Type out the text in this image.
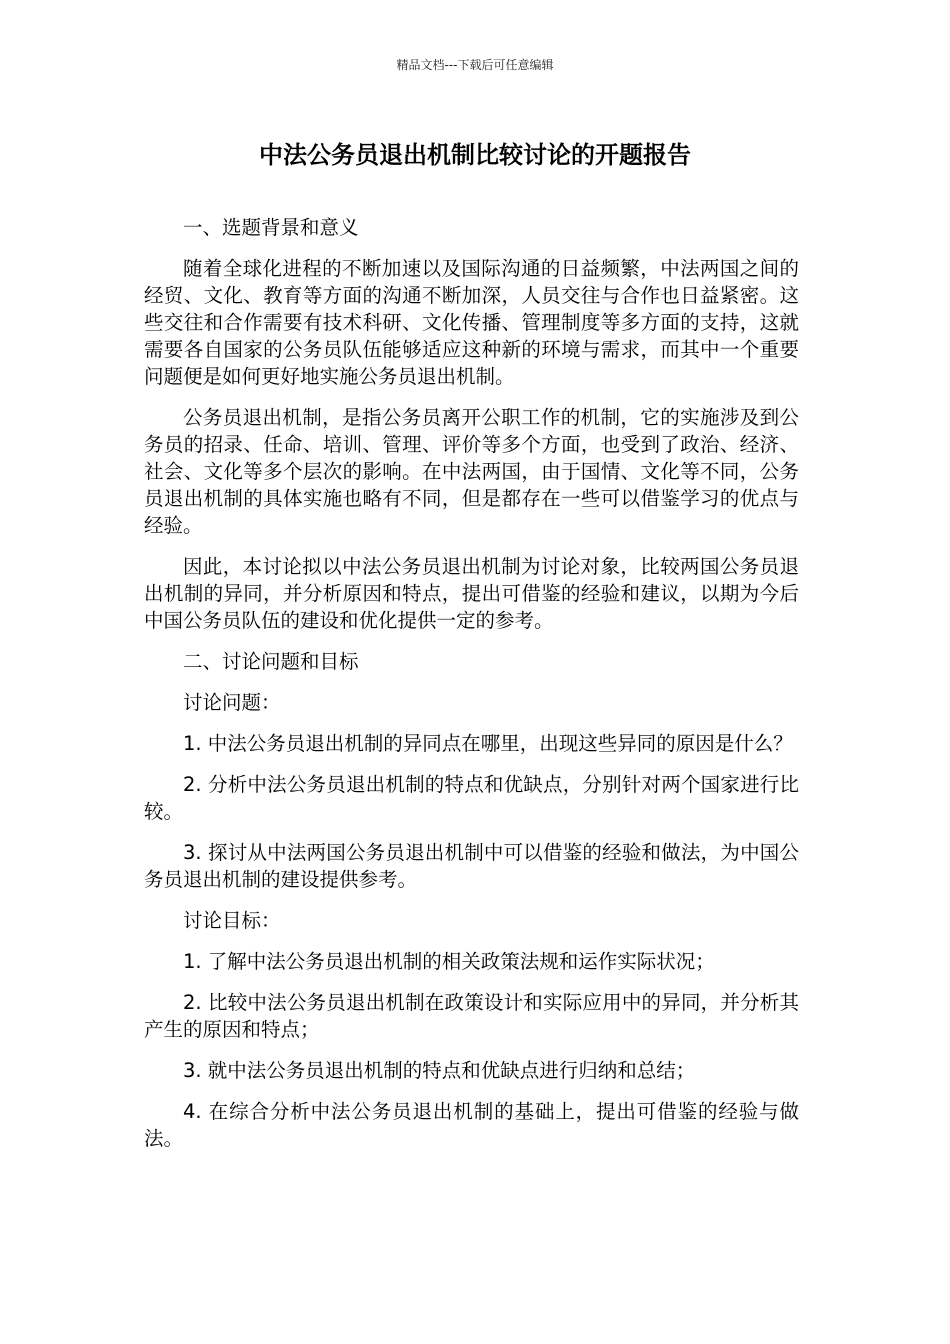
精品文档---下载后可任意编辑
中法公务员退出机制比较讨论的开题报告

一、选题背景和意义

随着全球化进程的不断加速以及国际沟通的日益频繁，中法两国之间的经贸、文化、教育等方面的沟通不断加深，人员交往与合作也日益紧密。这些交往和合作需要有技术科研、文化传播、管理制度等多方面的支持，这就需要各自国家的公务员队伍能够适应这种新的环境与需求，而其中一个重要问题便是如何更好地实施公务员退出机制。

公务员退出机制，是指公务员离开公职工作的机制，它的实施涉及到公务员的招录、任命、培训、管理、评价等多个方面，也受到了政治、经济、社会、文化等多个层次的影响。在中法两国，由于国情、文化等不同，公务员退出机制的具体实施也略有不同，但是都存在一些可以借鉴学习的优点与经验。

因此，本讨论拟以中法公务员退出机制为讨论对象，比较两国公务员退出机制的异同，并分析原因和特点，提出可借鉴的经验和建议，以期为今后中国公务员队伍的建设和优化提供一定的参考。

二、讨论问题和目标

讨论问题：

1. 中法公务员退出机制的异同点在哪里，出现这些异同的原因是什么？

2. 分析中法公务员退出机制的特点和优缺点，分别针对两个国家进行比较。

3. 探讨从中法两国公务员退出机制中可以借鉴的经验和做法，为中国公务员退出机制的建设提供参考。

讨论目标：

1. 了解中法公务员退出机制的相关政策法规和运作实际状况；

2. 比较中法公务员退出机制在政策设计和实际应用中的异同，并分析其产生的原因和特点；

3. 就中法公务员退出机制的特点和优缺点进行归纳和总结；

4. 在综合分析中法公务员退出机制的基础上，提出可借鉴的经验与做法。
